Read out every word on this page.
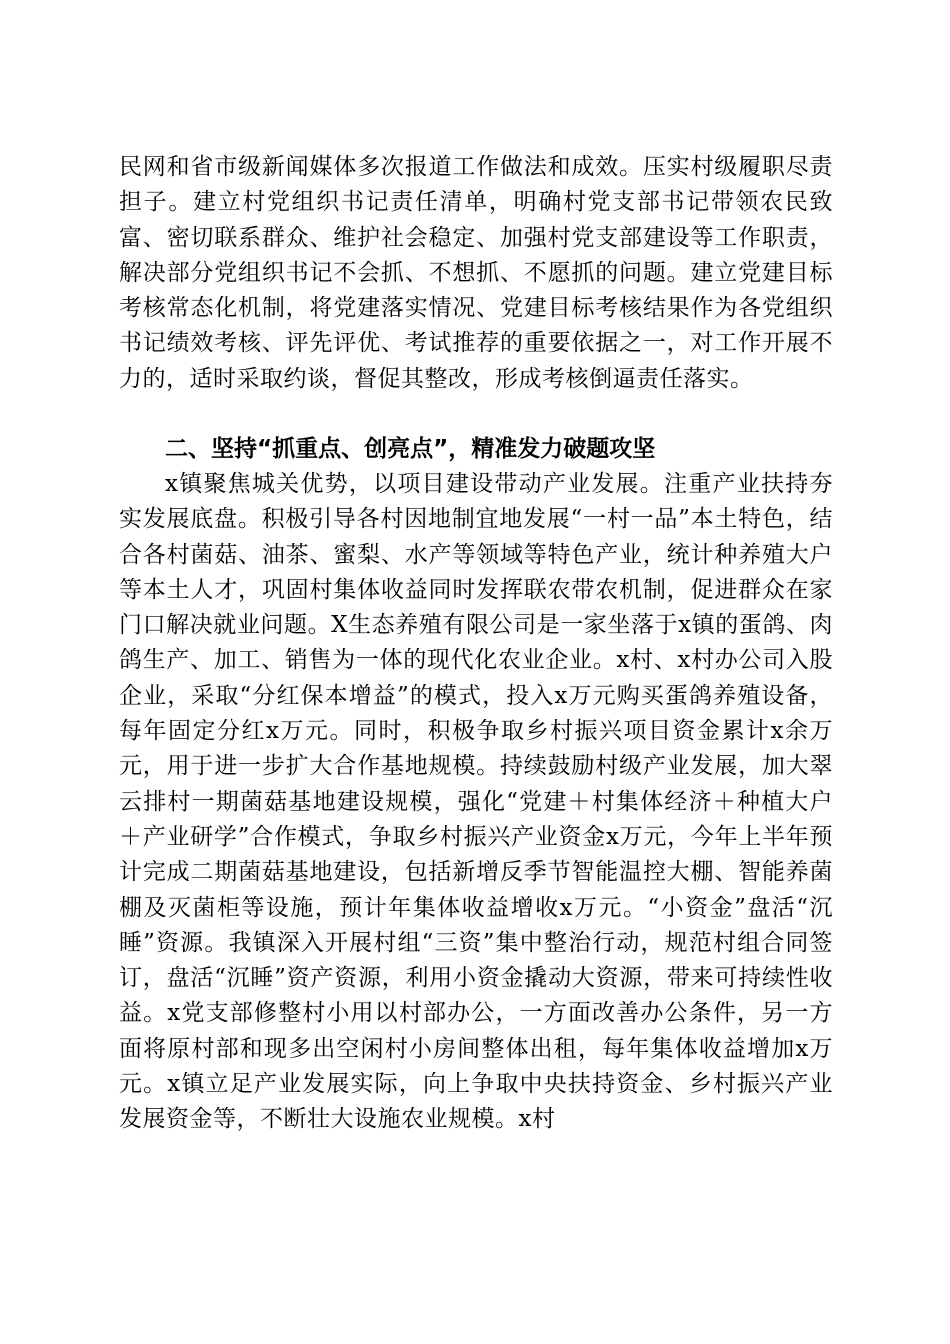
民网和省市级新闻媒体多次报道工作做法和成效。压实村级履职尽责担子。建立村党组织书记责任清单，明确村党支部书记带领农民致富、密切联系群众、维护社会稳定、加强村党支部建设等工作职责，解决部分党组织书记不会抓、不想抓、不愿抓的问题。建立党建目标考核常态化机制，将党建落实情况、党建目标考核结果作为各党组织书记绩效考核、评先评优、考试推荐的重要依据之一，对工作开展不力的，适时采取约谈，督促其整改，形成考核倒逼责任落实。
二、坚持“抓重点、创亮点”，精准发力破题攻坚
x镇聚焦城关优势，以项目建设带动产业发展。注重产业扶持夯实发展底盘。积极引导各村因地制宜地发展“一村一品”本土特色，结合各村菌菇、油茶、蜜梨、水产等领域等特色产业，统计种养殖大户等本土人才，巩固村集体收益同时发挥联农带农机制，促进群众在家门口解决就业问题。X生态养殖有限公司是一家坐落于x镇的蛋鸽、肉鸽生产、加工、销售为一体的现代化农业企业。x村、x村办公司入股企业，采取“分红保本增益”的模式，投入x万元购买蛋鸽养殖设备，每年固定分红x万元。同时，积极争取乡村振兴项目资金累计x余万元，用于进一步扩大合作基地规模。持续鼓励村级产业发展，加大翠云排村一期菌菇基地建设规模，强化“党建＋村集体经济＋种植大户＋产业研学”合作模式，争取乡村振兴产业资金x万元，今年上半年预计完成二期菌菇基地建设，包括新增反季节智能温控大棚、智能养菌棚及灭菌柜等设施，预计年集体收益增收x万元。“小资金”盘活“沉睡”资源。我镇深入开展村组“三资”集中整治行动，规范村组合同签订，盘活“沉睡”资产资源，利用小资金撬动大资源，带来可持续性收益。x党支部修整村小用以村部办公，一方面改善办公条件，另一方面将原村部和现多出空闲村小房间整体出租，每年集体收益增加x万元。x镇立足产业发展实际，向上争取中央扶持资金、乡村振兴产业发展资金等，不断壮大设施农业规模。x村
